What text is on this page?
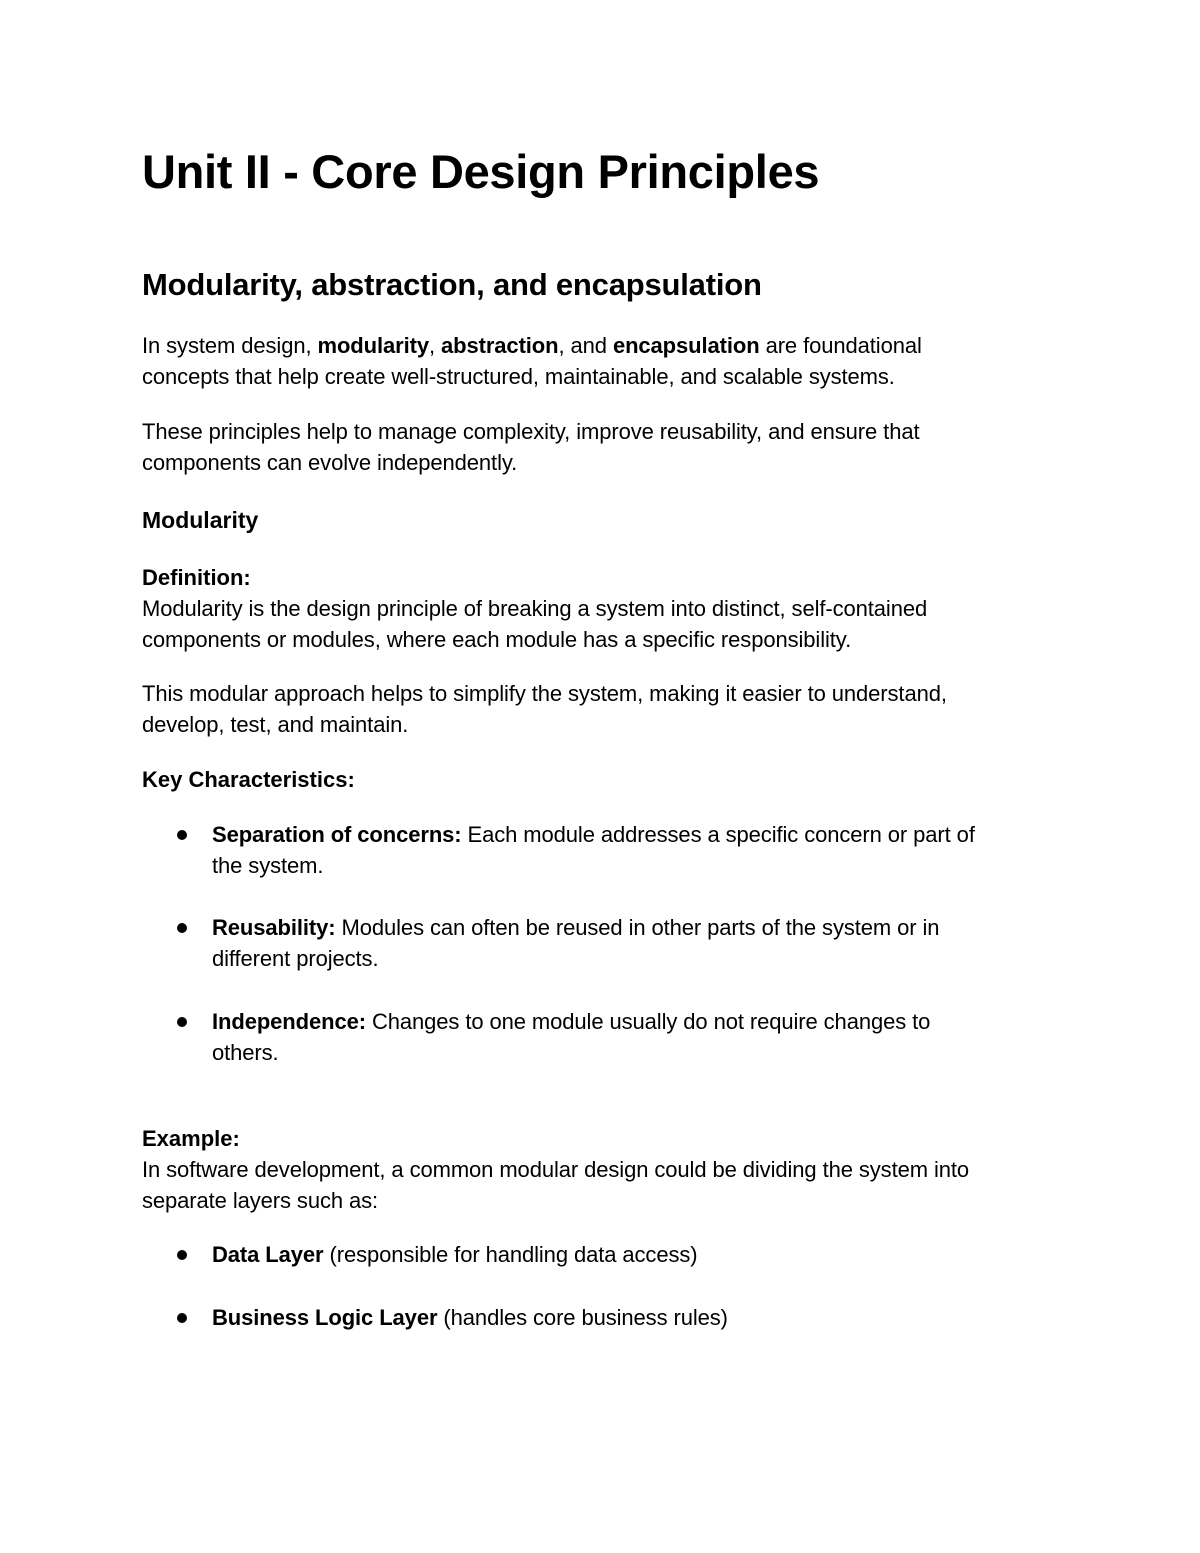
Unit II - Core Design Principles
Modularity, abstraction, and encapsulation
In system design, modularity, abstraction, and encapsulation are foundational
concepts that help create well-structured, maintainable, and scalable systems.
These principles help to manage complexity, improve reusability, and ensure that
components can evolve independently.
Modularity
Definition:
Modularity is the design principle of breaking a system into distinct, self-contained
components or modules, where each module has a specific responsibility.
This modular approach helps to simplify the system, making it easier to understand,
develop, test, and maintain.
Key Characteristics:
Separation of concerns: Each module addresses a specific concern or part of
the system.
Reusability: Modules can often be reused in other parts of the system or in
different projects.
Independence: Changes to one module usually do not require changes to
others.
Example:
In software development, a common modular design could be dividing the system into
separate layers such as:
Data Layer (responsible for handling data access)
Business Logic Layer (handles core business rules)
